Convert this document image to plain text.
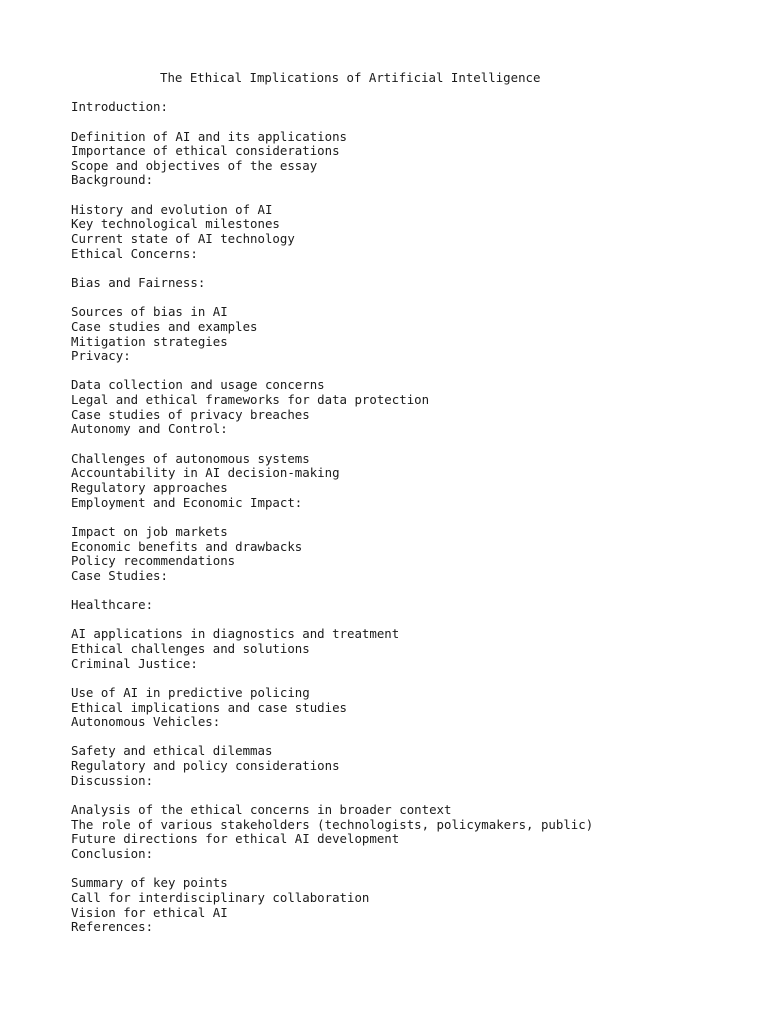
The Ethical Implications of Artificial Intelligence
Introduction:
Definition of AI and its applications
Importance of ethical considerations
Scope and objectives of the essay
Background:
History and evolution of AI
Key technological milestones
Current state of AI technology
Ethical Concerns:
Bias and Fairness:
Sources of bias in AI
Case studies and examples
Mitigation strategies
Privacy:
Data collection and usage concerns
Legal and ethical frameworks for data protection
Case studies of privacy breaches
Autonomy and Control:
Challenges of autonomous systems
Accountability in AI decision-making
Regulatory approaches
Employment and Economic Impact:
Impact on job markets
Economic benefits and drawbacks
Policy recommendations
Case Studies:
Healthcare:
AI applications in diagnostics and treatment
Ethical challenges and solutions
Criminal Justice:
Use of AI in predictive policing
Ethical implications and case studies
Autonomous Vehicles:
Safety and ethical dilemmas
Regulatory and policy considerations
Discussion:
Analysis of the ethical concerns in broader context
The role of various stakeholders (technologists, policymakers, public)
Future directions for ethical AI development
Conclusion:
Summary of key points
Call for interdisciplinary collaboration
Vision for ethical AI
References:
